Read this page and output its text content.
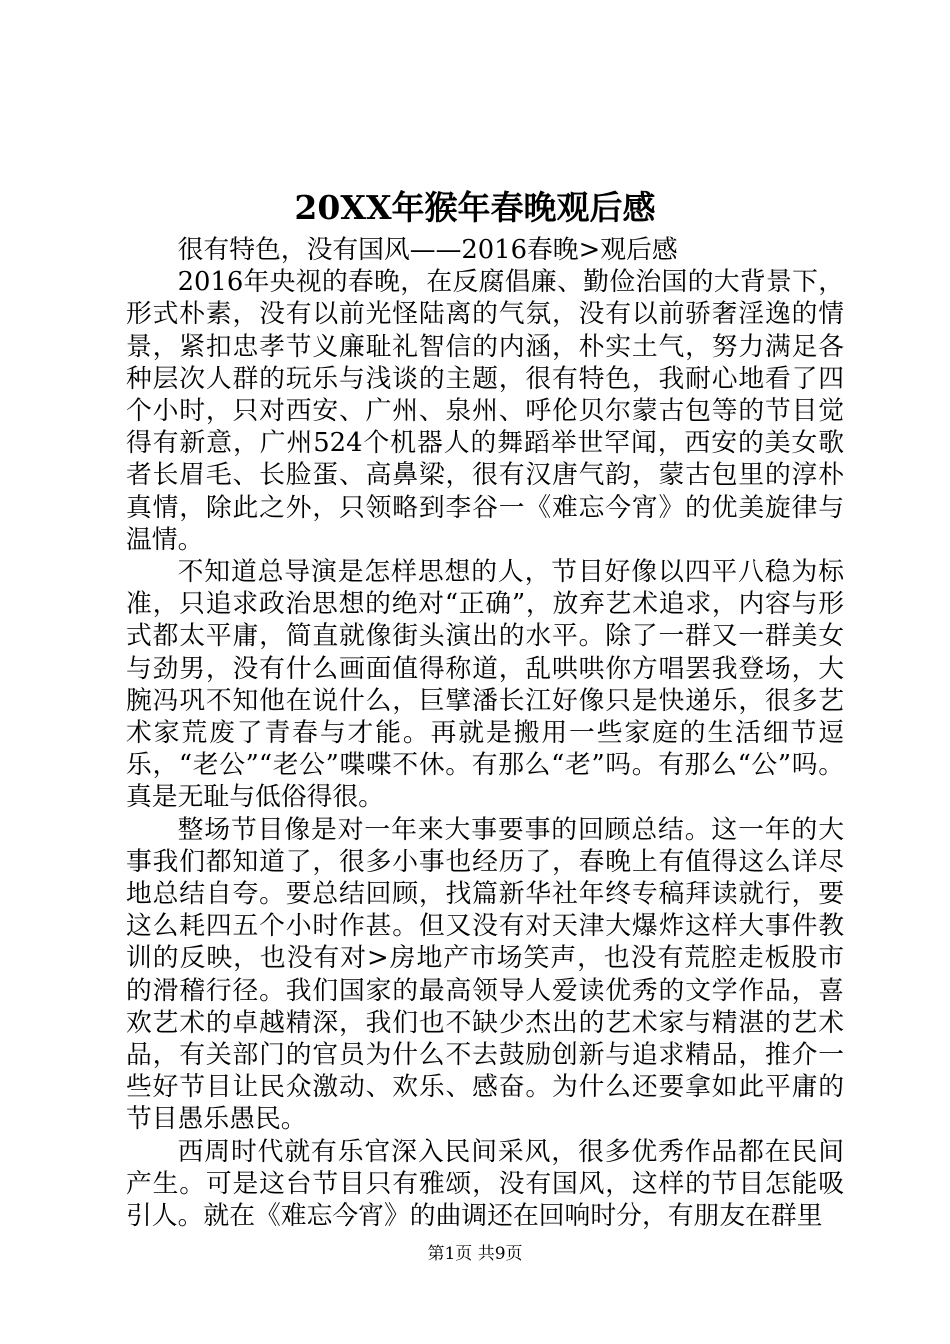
20XX年猴年春晚观后感

很有特色，没有国风——2016春晚>观后感

2016年央视的春晚，在反腐倡廉、勤俭治国的大背景下，形式朴素，没有以前光怪陆离的气氛，没有以前骄奢淫逸的情景，紧扣忠孝节义廉耻礼智信的内涵，朴实土气，努力满足各种层次人群的玩乐与浅谈的主题，很有特色，我耐心地看了四个小时，只对西安、广州、泉州、呼伦贝尔蒙古包等的节目觉得有新意，广州524个机器人的舞蹈举世罕闻，西安的美女歌者长眉毛、长脸蛋、高鼻梁，很有汉唐气韵，蒙古包里的淳朴真情，除此之外，只领略到李谷一《难忘今宵》的优美旋律与温情。

不知道总导演是怎样思想的人，节目好像以四平八稳为标准，只追求政治思想的绝对“正确”，放弃艺术追求，内容与形式都太平庸，简直就像街头演出的水平。除了一群又一群美女与劲男，没有什么画面值得称道，乱哄哄你方唱罢我登场，大腕冯巩不知他在说什么，巨擘潘长江好像只是快递乐，很多艺术家荒废了青春与才能。再就是搬用一些家庭的生活细节逗乐，“老公”“老公”喋喋不休。有那么“老”吗。有那么“公”吗。真是无耻与低俗得很。

整场节目像是对一年来大事要事的回顾总结。这一年的大事我们都知道了，很多小事也经历了，春晚上有值得这么详尽地总结自夸。要总结回顾，找篇新华社年终专稿拜读就行，要这么耗四五个小时作甚。但又没有对天津大爆炸这样大事件教训的反映，也没有对>房地产市场笑声，也没有荒腔走板股市的滑稽行径。我们国家的最高领导人爱读优秀的文学作品，喜欢艺术的卓越精深，我们也不缺少杰出的艺术家与精湛的艺术品，有关部门的官员为什么不去鼓励创新与追求精品，推介一些好节目让民众激动、欢乐、感奋。为什么还要拿如此平庸的节目愚乐愚民。

西周时代就有乐官深入民间采风，很多优秀作品都在民间产生。可是这台节目只有雅颂，没有国风，这样的节目怎能吸引人。就在《难忘今宵》的曲调还在回响时分，有朋友在群里

第1页 共9页
